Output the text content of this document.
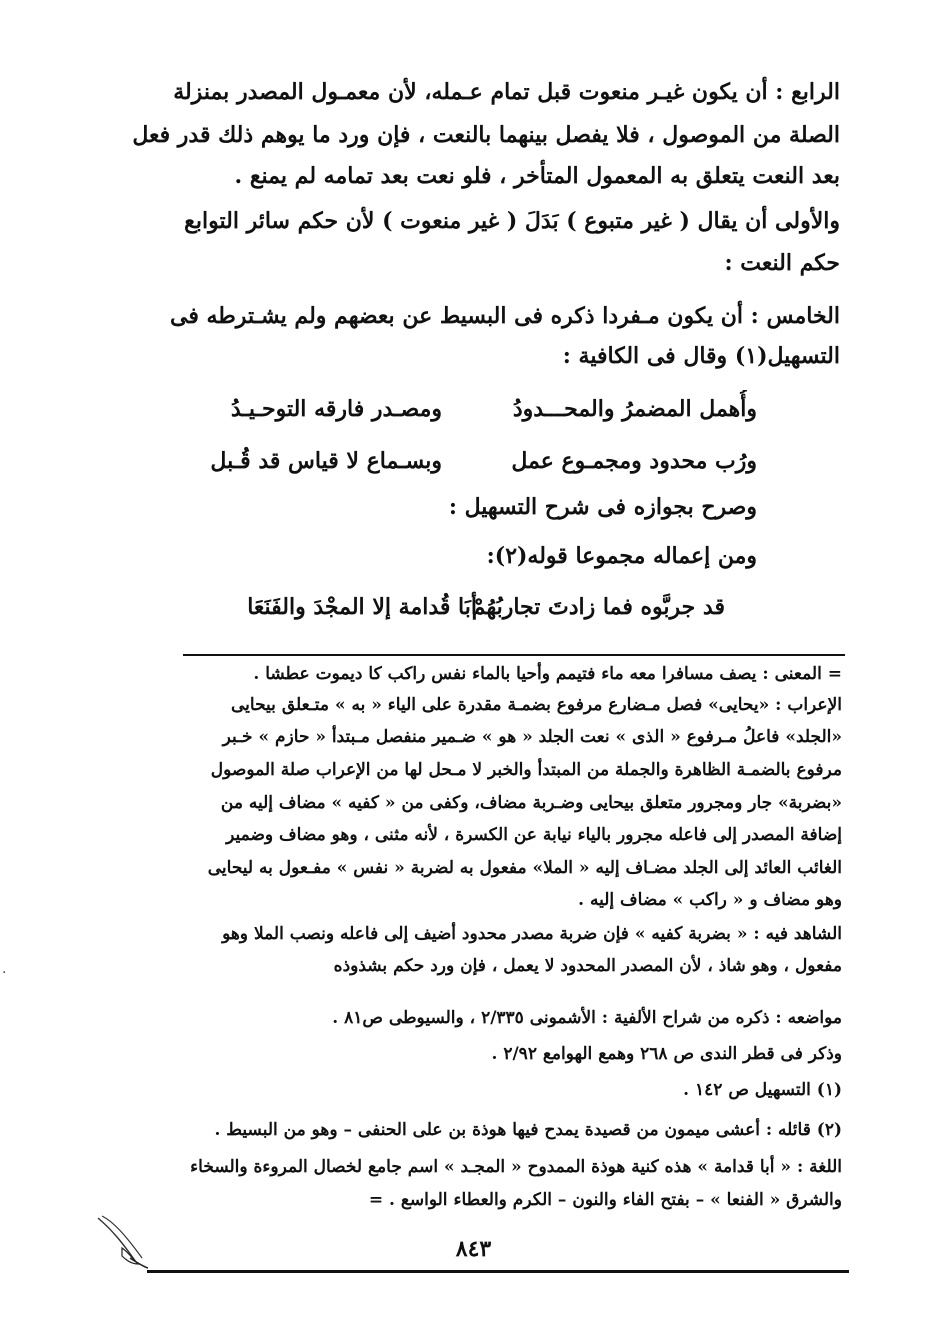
الرابع : أن يكون غيـر منعوت قبل تمام عـمله، لأن معمـول المصدر بمنزلة
الصلة من الموصول ، فلا يفصل بينهما بالنعت ، فإن ورد ما يوهم ذلك قدر فعل
بعد النعت يتعلق به المعمول المتأخر ، فلو نعت بعد تمامه لم يمنع .
والأولى أن يقال ( غير متبوع ) بَدَلَ ( غير منعوت ) لأن حكم سائر التوابع
حكم النعت :
الخامس : أن يكون مـفردا ذكره فى البسيط عن بعضهم ولم يشـترطه فى
التسهيل(١) وقال فى الكافية :
وأُهمل المضمرُ والمحـــدودُ
ومصـدر فارقه التوحـيـدُ
ورُب محدود ومجمـوع عمل
وبسـماع لا قياس قد قُـبل
وصرح بجوازه فى شرح التسهيل :
ومن إعماله مجموعا قوله(٢):
قد جربَّوه فما زادتَ تجاربُهُمْ
أبَا قُدامة إلا المجْدَ والفَنَعَا
= المعنى : يصف مسافرا معه ماء فتيمم وأحيا بالماء نفس راكب كا ديموت عطشا .
الإعراب : «يحايى» فصل مـضارع مرفوع بضمـة مقدرة على الياء « به » متـعلق بيحايى
«الجلد» فاعلُ مـرفوع « الذى » نعت الجلد « هو » ضـمير منفصل مـبتدأ « حازم » خـبر
مرفوع بالضمـة الظاهرة والجملة من المبتدأ والخبر لا مـحل لها من الإعراب صلة الموصول
«بضربة» جار ومجرور متعلق بيحايى وضـربة مضاف، وكفى من « كفيه » مضاف إليه من
إضافة المصدر إلى فاعله مجرور بالياء نيابة عن الكسرة ، لأنه مثنى ، وهو مضاف وضمير
الغائب العائد إلى الجلد مضـاف إليه « الملا» مفعول به لضربة « نفس » مفـعول به ليحايى
وهو مضاف و « راكب » مضاف إليه .
الشاهد فيه : « بضربة كفيه » فإن ضربة مصدر محدود أضيف إلى فاعله ونصب الملا وهو
مفعول ، وهو شاذ ، لأن المصدر المحدود لا يعمل ، فإن ورد حكم بشذوذه
مواضعه : ذكره من شراح الألفية : الأشمونى ٢/٣٣٥ ، والسيوطى ص٨١ .
وذكر فى قطر الندى ص ٢٦٨ وهمع الهوامع ٢/٩٢ .
(١) التسهيل ص ١٤٢ .
(٢) قائله : أعشى ميمون من قصيدة يمدح فيها هوذة بن على الحنفى – وهو من البسيط .
اللغة : « أبا قدامة » هذه كنية هوذة الممدوح « المجـد » اسم جامع لخصال المروءة والسخاء
والشرق « الفنعا » – بفتح الفاء والنون – الكرم والعطاء الواسع . =
٨٤٣
·
